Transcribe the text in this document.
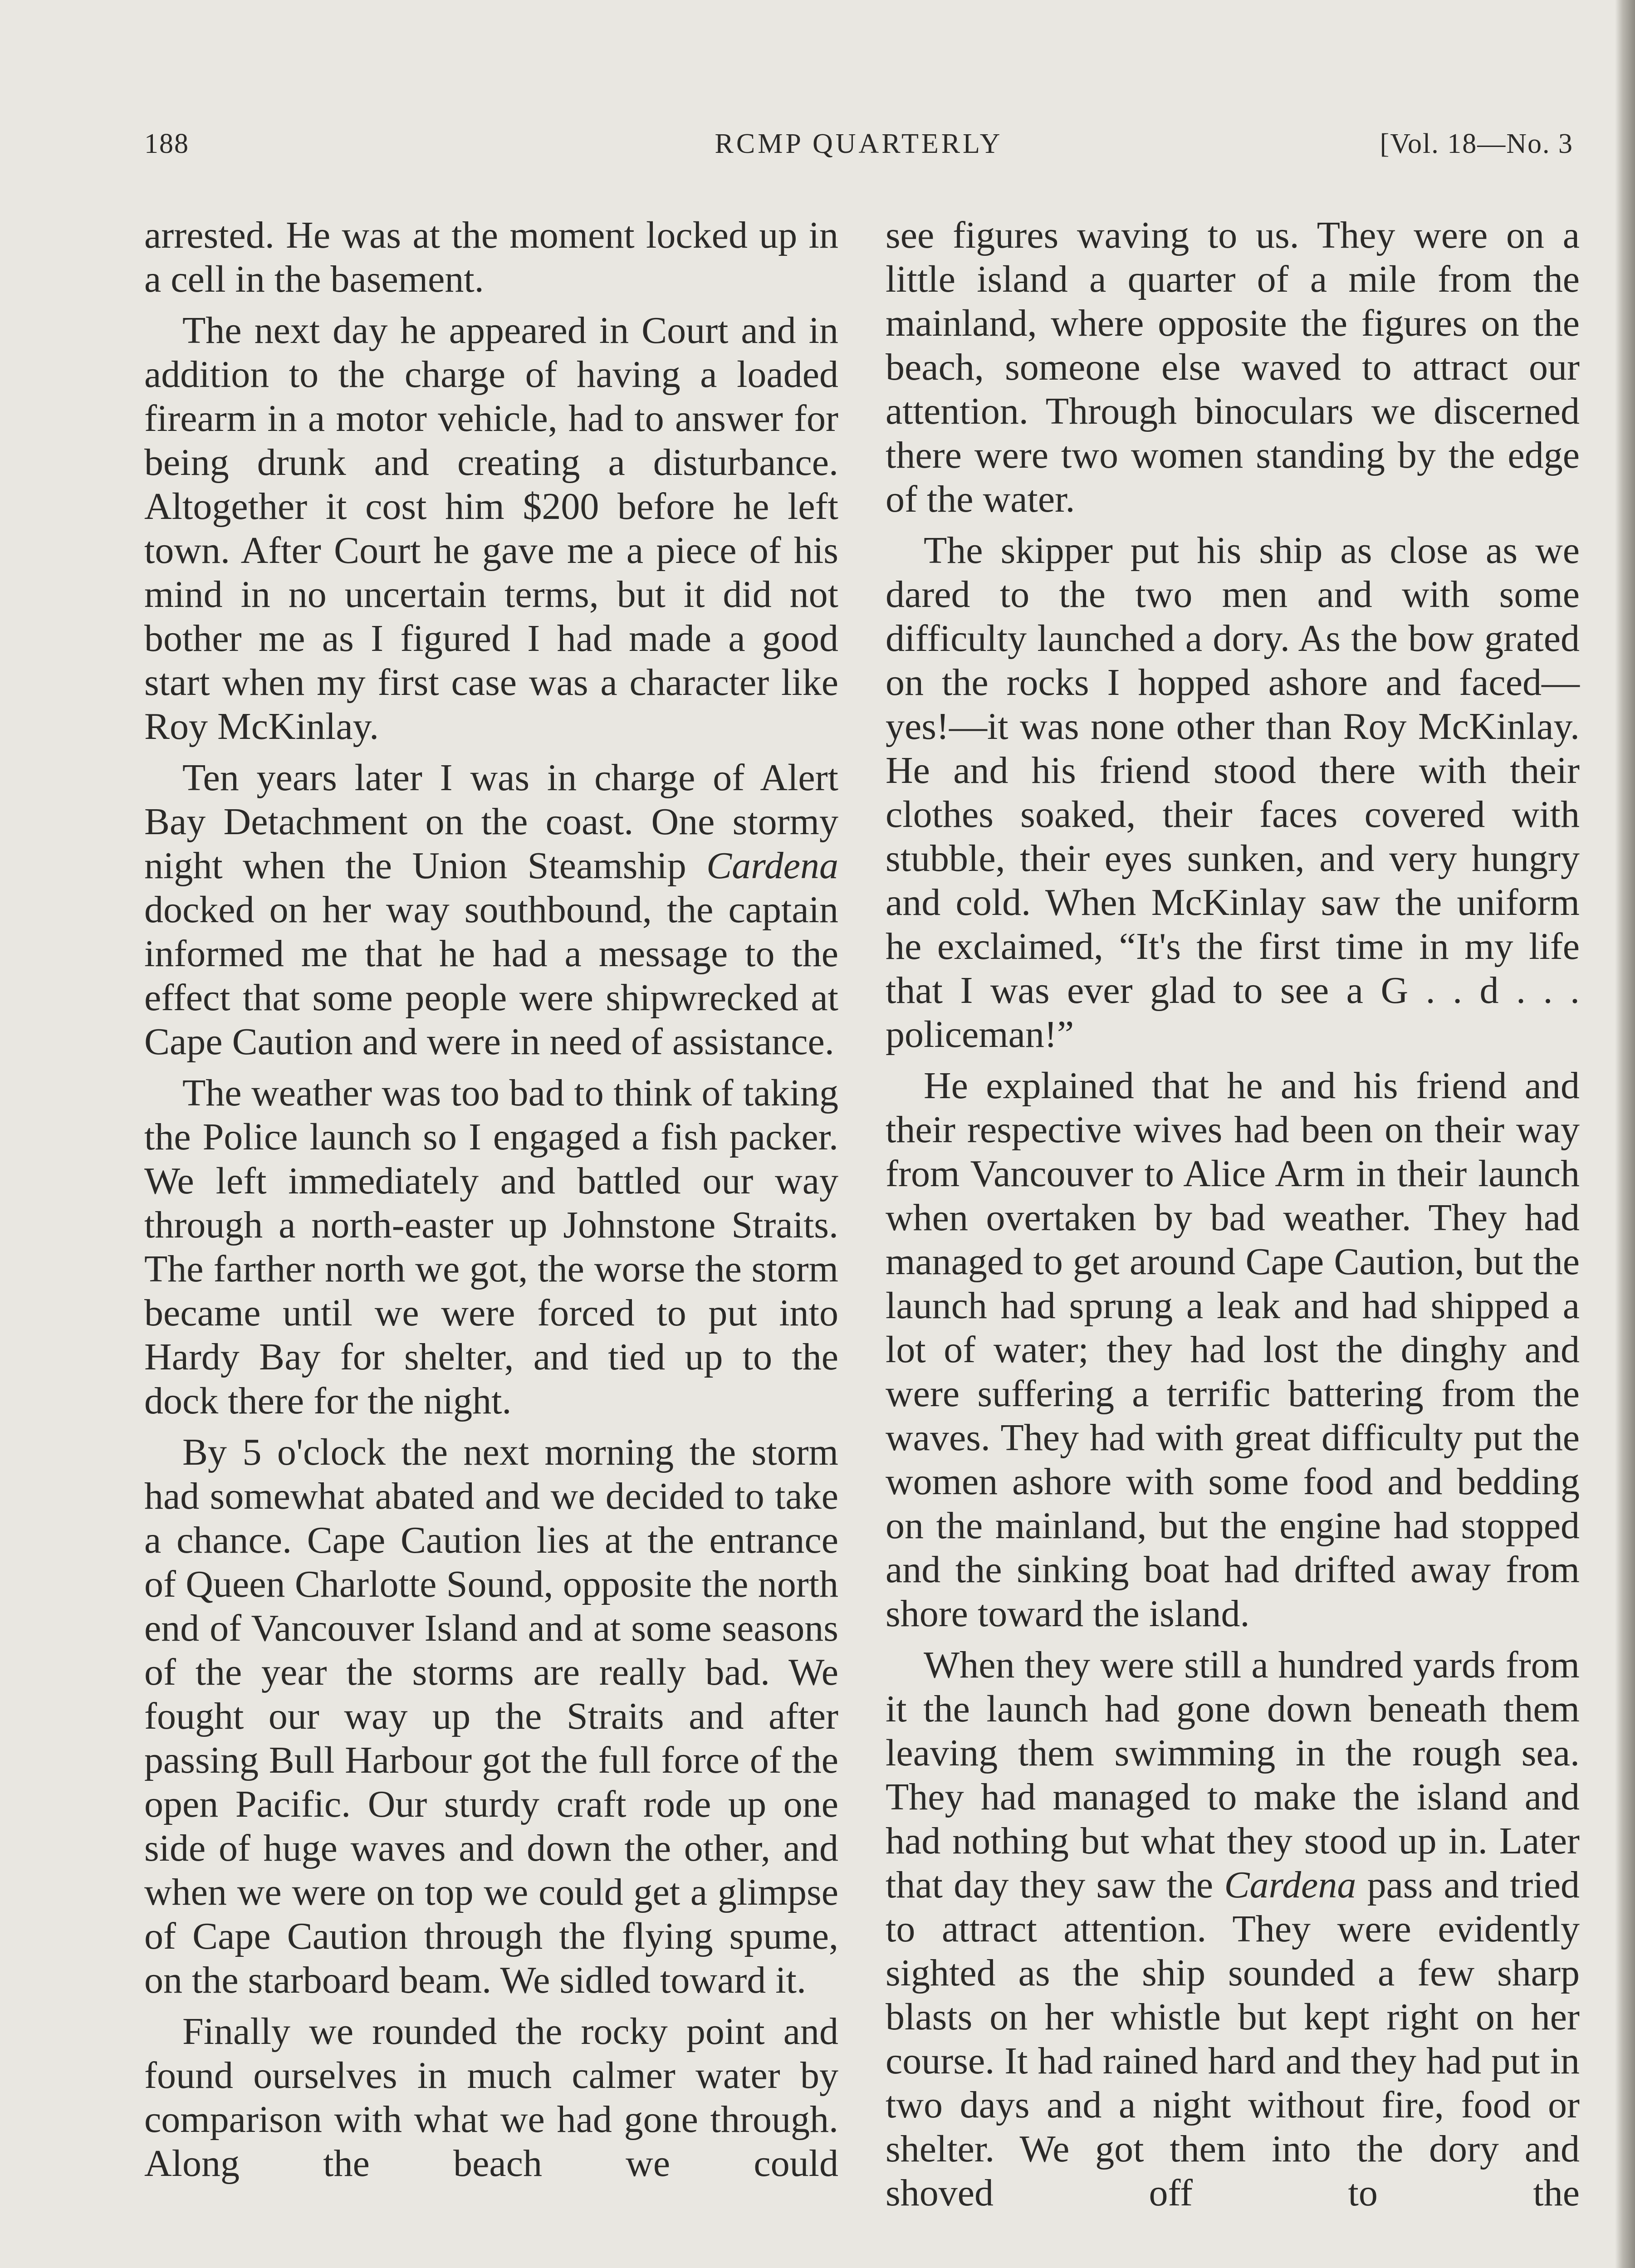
RCMP QUARTERLY
188	[Vol. 18—No. 3

arrested. He was at the moment locked up in a cell in the basement.

The next day he appeared in Court and in addition to the charge of having a loaded firearm in a motor vehicle, had to answer for being drunk and creating a disturbance. Altogether it cost him $200 before he left town. After Court he gave me a piece of his mind in no uncertain terms, but it did not bother me as I figured I had made a good start when my first case was a character like Roy McKinlay.

Ten years later I was in charge of Alert Bay Detachment on the coast. One stormy night when the Union Steamship Cardena docked on her way southbound, the captain informed me that he had a message to the effect that some people were shipwrecked at Cape Caution and were in need of assistance.

The weather was too bad to think of taking the Police launch so I engaged a fish packer. We left immediately and battled our way through a north-easter up Johnstone Straits. The farther north we got, the worse the storm became until we were forced to put into Hardy Bay for shelter, and tied up to the dock there for the night.

By 5 o'clock the next morning the storm had somewhat abated and we decided to take a chance. Cape Caution lies at the entrance of Queen Charlotte Sound, opposite the north end of Vancouver Island and at some seasons of the year the storms are really bad. We fought our way up the Straits and after passing Bull Harbour got the full force of the open Pacific. Our sturdy craft rode up one side of huge waves and down the other, and when we were on top we could get a glimpse of Cape Caution through the flying spume, on the starboard beam. We sidled toward it.

Finally we rounded the rocky point and found ourselves in much calmer water by comparison with what we had gone through. Along the beach we could

see figures waving to us. They were on a little island a quarter of a mile from the mainland, where opposite the figures on the beach, someone else waved to attract our attention. Through binoculars we discerned there were two women standing by the edge of the water.

The skipper put his ship as close as we dared to the two men and with some difficulty launched a dory. As the bow grated on the rocks I hopped ashore and faced—yes!—it was none other than Roy McKinlay. He and his friend stood there with their clothes soaked, their faces covered with stubble, their eyes sunken, and very hungry and cold. When McKinlay saw the uniform he exclaimed, “It's the first time in my life that I was ever glad to see a G . . d . . . policeman!”

He explained that he and his friend and their respective wives had been on their way from Vancouver to Alice Arm in their launch when overtaken by bad weather. They had managed to get around Cape Caution, but the launch had sprung a leak and had shipped a lot of water; they had lost the dinghy and were suffering a terrific battering from the waves. They had with great difficulty put the women ashore with some food and bedding on the mainland, but the engine had stopped and the sinking boat had drifted away from shore toward the island.

When they were still a hundred yards from it the launch had gone down beneath them leaving them swimming in the rough sea. They had managed to make the island and had nothing but what they stood up in. Later that day they saw the Cardena pass and tried to attract attention. They were evidently sighted as the ship sounded a few sharp blasts on her whistle but kept right on her course. It had rained hard and they had put in two days and a night without fire, food or shelter. We got them into the dory and shoved off to the
